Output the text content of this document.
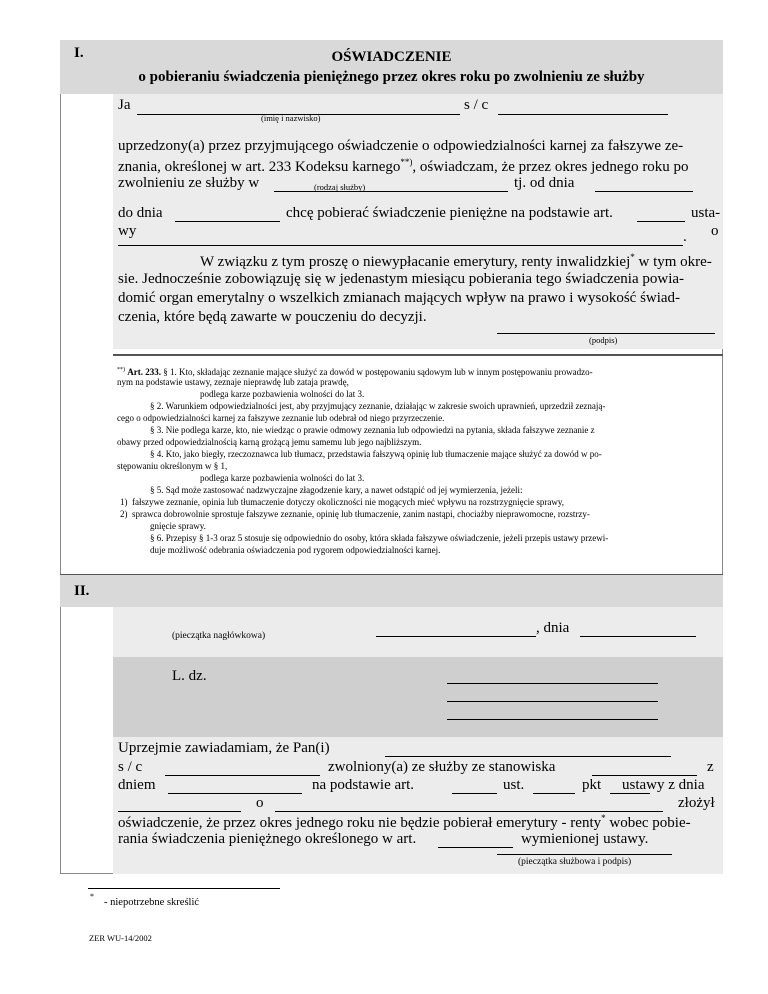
I.	OŚWIADCZENIE
o pobieraniu świadczenia pieniężnego przez okres roku po zwolnieniu ze służby
Ja
(imię i nazwisko)
s / c
uprzedzony(a) przez przyjmującego oświadczenie o odpowiedzialności karnej za fałszywe ze-
znania, określonej w art. 233 Kodeksu karnego**), oświadczam, że przez okres jednego roku po
zwolnieniu ze służby w	(rodzaj służby)	tj. od dnia
do dnia	chcę pobierać świadczenie pieniężne na podstawie art.	usta-
wy	o
.
W związku z tym proszę o niewypłacanie emerytury, renty inwalidzkiej* w tym okre-
sie. Jednocześnie zobowiązuję się w jedenastym miesiącu pobierania tego świadczenia powia-
domić organ emerytalny o wszelkich zmianach mających wpływ na prawo i wysokość świad-
czenia, które będą zawarte w pouczeniu do decyzji.
(podpis)
**) Art. 233. § 1. Kto, składając zeznanie mające służyć za dowód w postępowaniu sądowym lub w innym postępowaniu prowadzo-
nym na podstawie ustawy, zeznaje nieprawdę lub zataja prawdę,
podlega karze pozbawienia wolności do lat 3.
§ 2. Warunkiem odpowiedzialności jest, aby przyjmujący zeznanie, działając w zakresie swoich uprawnień, uprzedził zeznają-
cego o odpowiedzialności karnej za fałszywe zeznanie lub odebrał od niego przyrzeczenie.
§ 3. Nie podlega karze, kto, nie wiedząc o prawie odmowy zeznania lub odpowiedzi na pytania, składa fałszywe zeznanie z
obawy przed odpowiedzialnością karną grożącą jemu samemu lub jego najbliższym.
§ 4. Kto, jako biegły, rzeczoznawca lub tłumacz, przedstawia fałszywą opinię lub tłumaczenie mające służyć za dowód w po-
stępowaniu określonym w § 1,
podlega karze pozbawienia wolności do lat 3.
§ 5. Sąd może zastosować nadzwyczajne złagodzenie kary, a nawet odstąpić od jej wymierzenia, jeżeli:
1)  fałszywe zeznanie, opinia lub tłumaczenie dotyczy okoliczności nie mogących mieć wpływu na rozstrzygnięcie sprawy,
2)  sprawca dobrowolnie sprostuje fałszywe zeznanie, opinię lub tłumaczenie, zanim nastąpi, chociażby nieprawomocne, rozstrzy-
gnięcie sprawy.
§ 6. Przepisy § 1-3 oraz 5 stosuje się odpowiednio do osoby, która składa fałszywe oświadczenie, jeżeli przepis ustawy przewi-
duje możliwość odebrania oświadczenia pod rygorem odpowiedzialności karnej.
II.
(pieczątka nagłówkowa)	, dnia
L. dz.
Uprzejmie zawiadamiam, że Pan(i)
s / c	zwolniony(a) ze służby ze stanowiska	z
dniem	na podstawie art.	ust.	pkt ustawy z dnia
o	złożył
oświadczenie, że przez okres jednego roku nie będzie pobierał emerytury - renty* wobec pobie-
rania świadczenia pieniężnego określonego w art.	wymienionej ustawy.
(pieczątka służbowa i podpis)
*
- niepotrzebne skreślić
ZER WU-14/2002
